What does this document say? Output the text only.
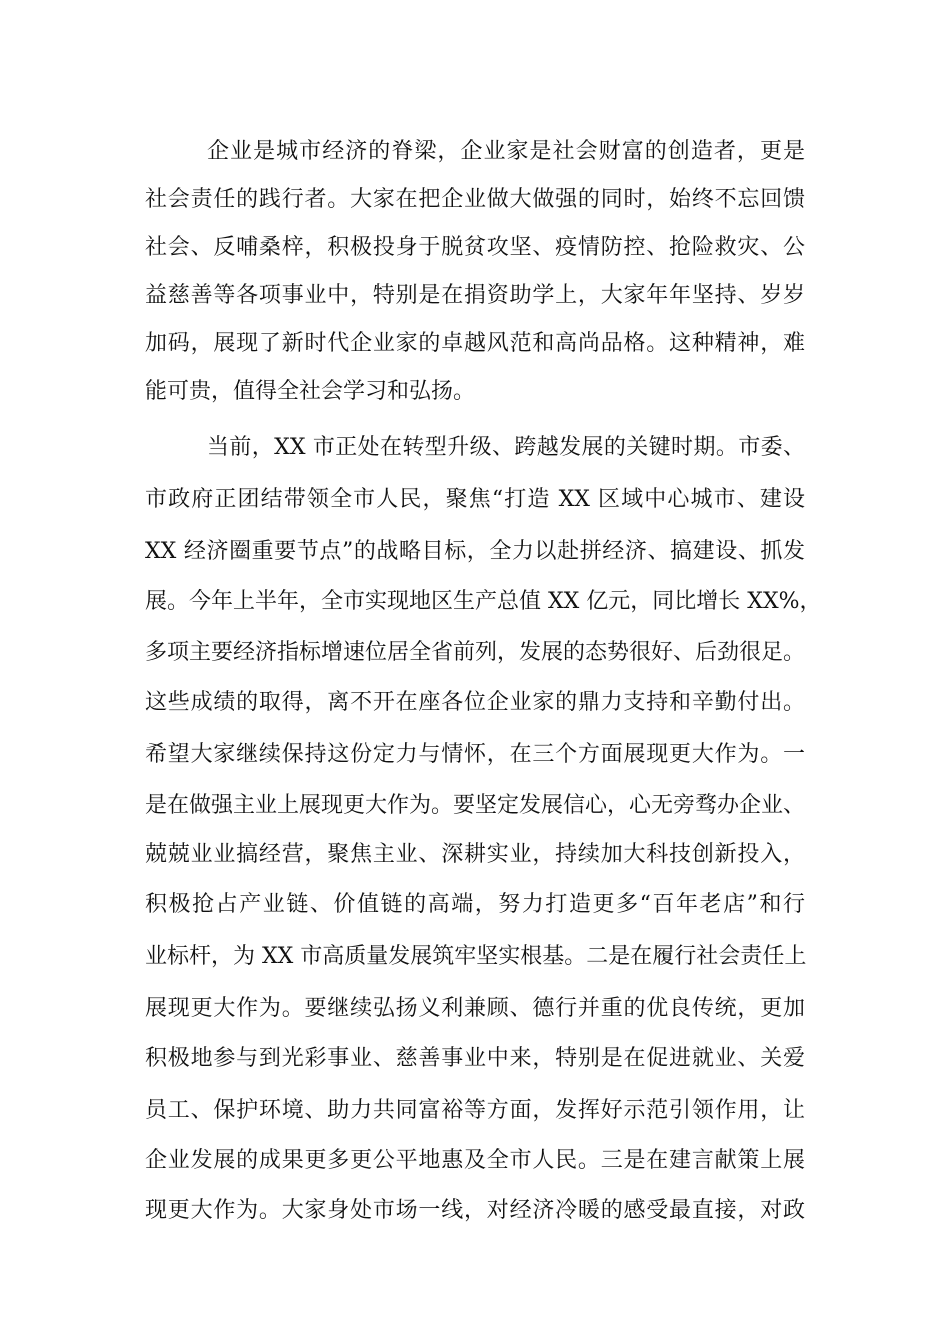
企业是城市经济的脊梁，企业家是社会财富的创造者，更是
社会责任的践行者。大家在把企业做大做强的同时，始终不忘回馈
社会、反哺桑梓，积极投身于脱贫攻坚、疫情防控、抢险救灾、公
益慈善等各项事业中，特别是在捐资助学上，大家年年坚持、岁岁
加码，展现了新时代企业家的卓越风范和高尚品格。这种精神，难
能可贵，值得全社会学习和弘扬。
当前，XX 市正处在转型升级、跨越发展的关键时期。市委、
市政府正团结带领全市人民，聚焦“打造 XX 区域中心城市、建设
XX 经济圈重要节点”的战略目标，全力以赴拼经济、搞建设、抓发
展。今年上半年，全市实现地区生产总值 XX 亿元，同比增长 XX%，
多项主要经济指标增速位居全省前列，发展的态势很好、后劲很足。
这些成绩的取得，离不开在座各位企业家的鼎力支持和辛勤付出。
希望大家继续保持这份定力与情怀，在三个方面展现更大作为。一
是在做强主业上展现更大作为。要坚定发展信心，心无旁骛办企业、
兢兢业业搞经营，聚焦主业、深耕实业，持续加大科技创新投入，
积极抢占产业链、价值链的高端，努力打造更多“百年老店”和行
业标杆，为 XX 市高质量发展筑牢坚实根基。二是在履行社会责任上
展现更大作为。要继续弘扬义利兼顾、德行并重的优良传统，更加
积极地参与到光彩事业、慈善事业中来，特别是在促进就业、关爱
员工、保护环境、助力共同富裕等方面，发挥好示范引领作用，让
企业发展的成果更多更公平地惠及全市人民。三是在建言献策上展
现更大作为。大家身处市场一线，对经济冷暖的感受最直接，对政
